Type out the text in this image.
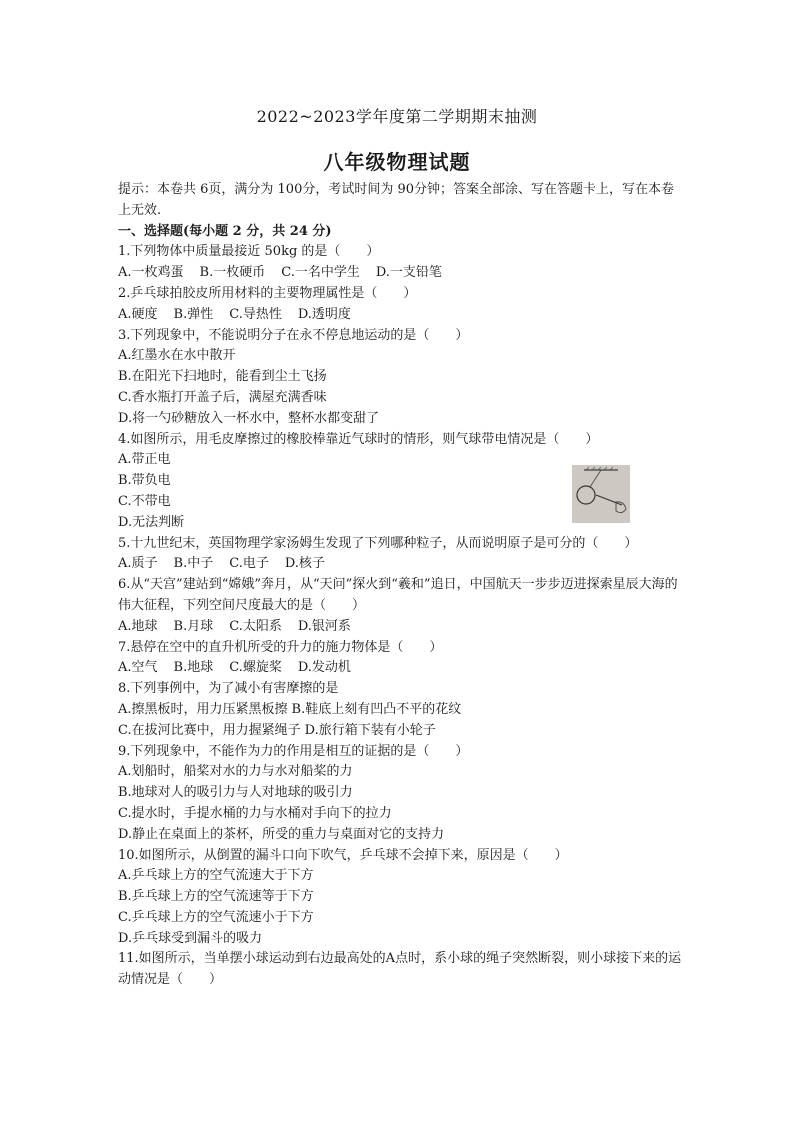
2022~2023学年度第二学期期末抽测
八年级物理试题

提示：本卷共 6页，满分为 100分，考试时间为 90分钟；答案全部涂、写在答题卡上，写在本卷上无效.

一、选择题(每小题 2 分，共 24 分)

1.下列物体中质量最接近 50kg 的是（　　）

A.一枚鸡蛋 B.一枚硬币 C.一名中学生 D.一支铅笔

2.乒乓球拍胶皮所用材料的主要物理属性是（　　）

A.硬度 B.弹性 C.导热性 D.透明度

3.下列现象中，不能说明分子在永不停息地运动的是（　　）

A.红墨水在水中散开

B.在阳光下扫地时，能看到尘土飞扬

C.香水瓶打开盖子后，满屋充满香味

D.将一勺砂糖放入一杯水中，整杯水都变甜了

4.如图所示，用毛皮摩擦过的橡胶棒靠近气球时的情形，则气球带电情况是（　　）

A.带正电

B.带负电

C.不带电

D.无法判断

5.十九世纪末，英国物理学家汤姆生发现了下列哪种粒子，从而说明原子是可分的（　　）

A.质子 B.中子 C.电子 D.核子

6.从“天宫”建站到“嫦娥”奔月，从“天问”探火到“羲和”追日，中国航天一步步迈进探索星辰大海的伟大征程，下列空间尺度最大的是（　　）

A.地球 B.月球 C.太阳系 D.银河系

7.悬停在空中的直升机所受的升力的施力物体是（　　）

A.空气 B.地球 C.螺旋桨 D.发动机

8.下列事例中，为了减小有害摩擦的是

A.擦黑板时，用力压紧黑板擦 B.鞋底上刻有凹凸不平的花纹

C.在拔河比赛中，用力握紧绳子 D.旅行箱下装有小轮子

9.下列现象中，不能作为力的作用是相互的证据的是（　　）

A.划船时，船桨对水的力与水对船桨的力

B.地球对人的吸引力与人对地球的吸引力

C.提水时，手提水桶的力与水桶对手向下的拉力

D.静止在桌面上的茶杯，所受的重力与桌面对它的支持力

10.如图所示，从倒置的漏斗口向下吹气，乒乓球不会掉下来，原因是（　　）

A.乒乓球上方的空气流速大于下方

B.乒乓球上方的空气流速等于下方

C.乒乓球上方的空气流速小于下方

D.乒乓球受到漏斗的吸力

11.如图所示，当单摆小球运动到右边最高处的A点时，系小球的绳子突然断裂，则小球接下来的运动情况是（　　）
